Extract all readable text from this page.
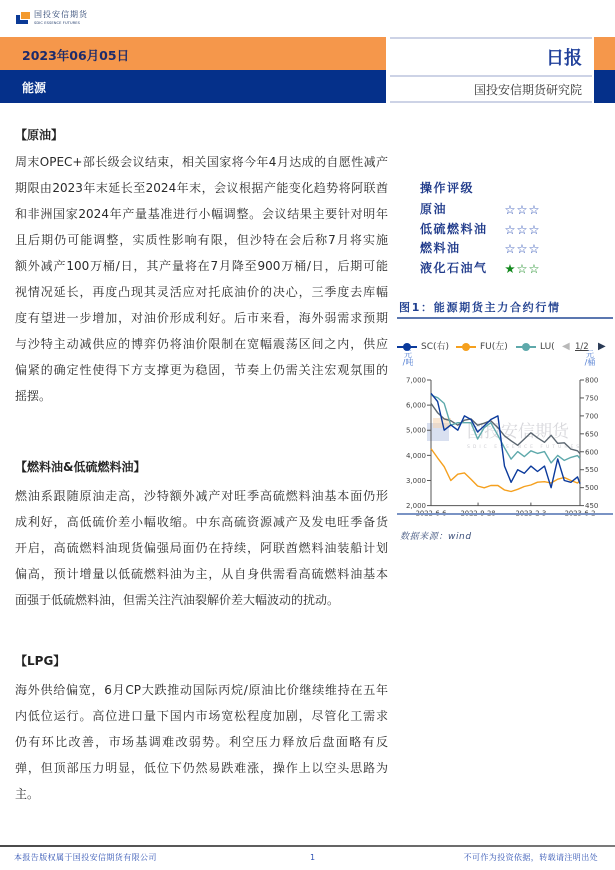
国投安信期货
SDIC ESSENCE FUTURES
2023年06月05日
能源
日报
国投安信期货研究院
【原油】
周末OPEC+部长级会议结束，相关国家将今年4月达成的自愿性减产
期限由2023年末延长至2024年末，会议根据产能变化趋势将阿联酋
和非洲国家2024年产量基准进行小幅调整。会议结果主要针对明年
且后期仍可能调整，实质性影响有限，但沙特在会后称7月将实施
额外减产100万桶/日，其产量将在7月降至900万桶/日，后期可能
视情况延长，再度凸现其灵活应对托底油价的决心，三季度去库幅
度有望进一步增加，对油价形成利好。后市来看，海外弱需求预期
与沙特主动减供应的博弈仍将油价限制在宽幅震荡区间之内，供应
偏紧的确定性使得下方支撑更为稳固，节奏上仍需关注宏观氛围的
摇摆。
【燃料油&低硫燃料油】
燃油系跟随原油走高，沙特额外减产对旺季高硫燃料油基本面仍形
成利好，高低硫价差小幅收缩。中东高硫资源减产及发电旺季备货
开启，高硫燃料油现货偏强局面仍在持续，阿联酋燃料油装船计划
偏高，预计增量以低硫燃料油为主，从自身供需看高硫燃料油基本
面强于低硫燃料油，但需关注汽油裂解价差大幅波动的扰动。
【LPG】
海外供给偏宽，6月CP大跌推动国际丙烷/原油比价继续维持在五年
内低位运行。高位进口量下国内市场宽松程度加剧，尽管化工需求
仍有环比改善，市场基调难改弱势。利空压力释放后盘面略有反
弹，但顶部压力明显，低位下仍然易跌难涨，操作上以空头思路为
主。
操作评级
原油	☆☆☆
低硫燃料油 ☆☆☆
燃料油	☆☆☆
液化石油气 ★☆☆
图1：能源期货主力合约行情
SC(右)	FU(左)	LU( ◀ 1/2 ▶
元
/吨
元
/桶
国投安信期货
SDIC ESSENCE FUTURES
7,000
6,000
5,000
4,000
3,000
2,000
800
750
700
650
600
550
500
450
数据来源：wind
本报告版权属于国投安信期货有限公司	1	不可作为投资依据，转载请注明出处
